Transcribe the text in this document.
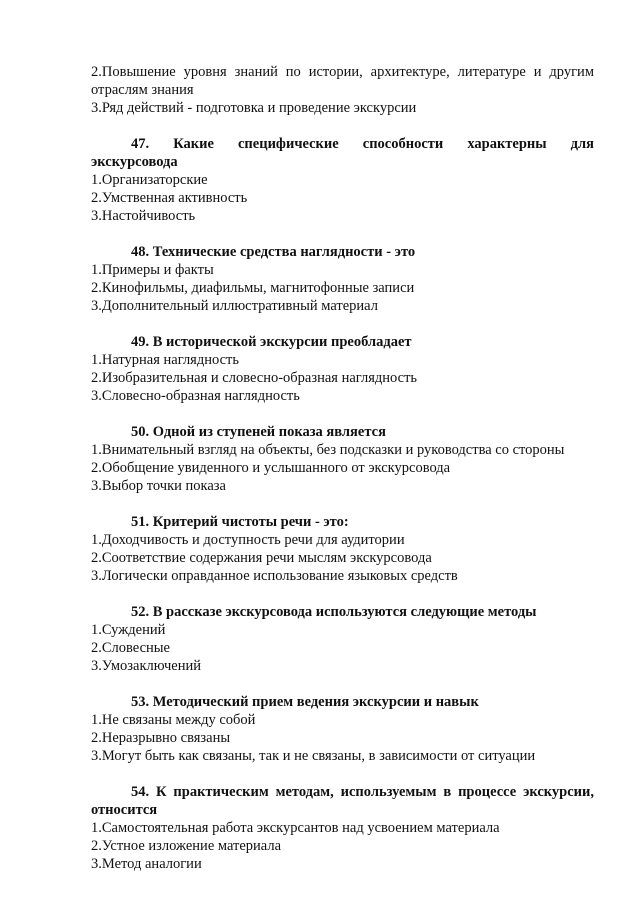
2.Повышение уровня знаний по истории, архитектуре, литературе и другим
отраслям знания
3.Ряд действий - подготовка и проведение экскурсии
47. Какие специфические способности характерны для
экскурсовода
1.Организаторские
2.Умственная активность
3.Настойчивость
48. Технические средства наглядности - это
1.Примеры и факты
2.Кинофильмы, диафильмы, магнитофонные записи
3.Дополнительный иллюстративный материал
49. В исторической экскурсии преобладает
1.Натурная наглядность
2.Изобразительная и словесно-образная наглядность
3.Словесно-образная наглядность
50. Одной из ступеней показа является
1.Внимательный взгляд на объекты, без подсказки и руководства со стороны
2.Обобщение увиденного и услышанного от экскурсовода
3.Выбор точки показа
51. Критерий чистоты речи - это:
1.Доходчивость и доступность речи для аудитории
2.Соответствие содержания речи мыслям экскурсовода
3.Логически оправданное использование языковых средств
52. В рассказе экскурсовода используются следующие методы
1.Суждений
2.Словесные
3.Умозаключений
53. Методический прием ведения экскурсии и навык
1.Не связаны между собой
2.Неразрывно связаны
3.Могут быть как связаны, так и не связаны, в зависимости от ситуации
54. К практическим методам, используемым в процессе экскурсии,
относится
1.Самостоятельная работа экскурсантов над усвоением материала
2.Устное изложение материала
3.Метод аналогии
